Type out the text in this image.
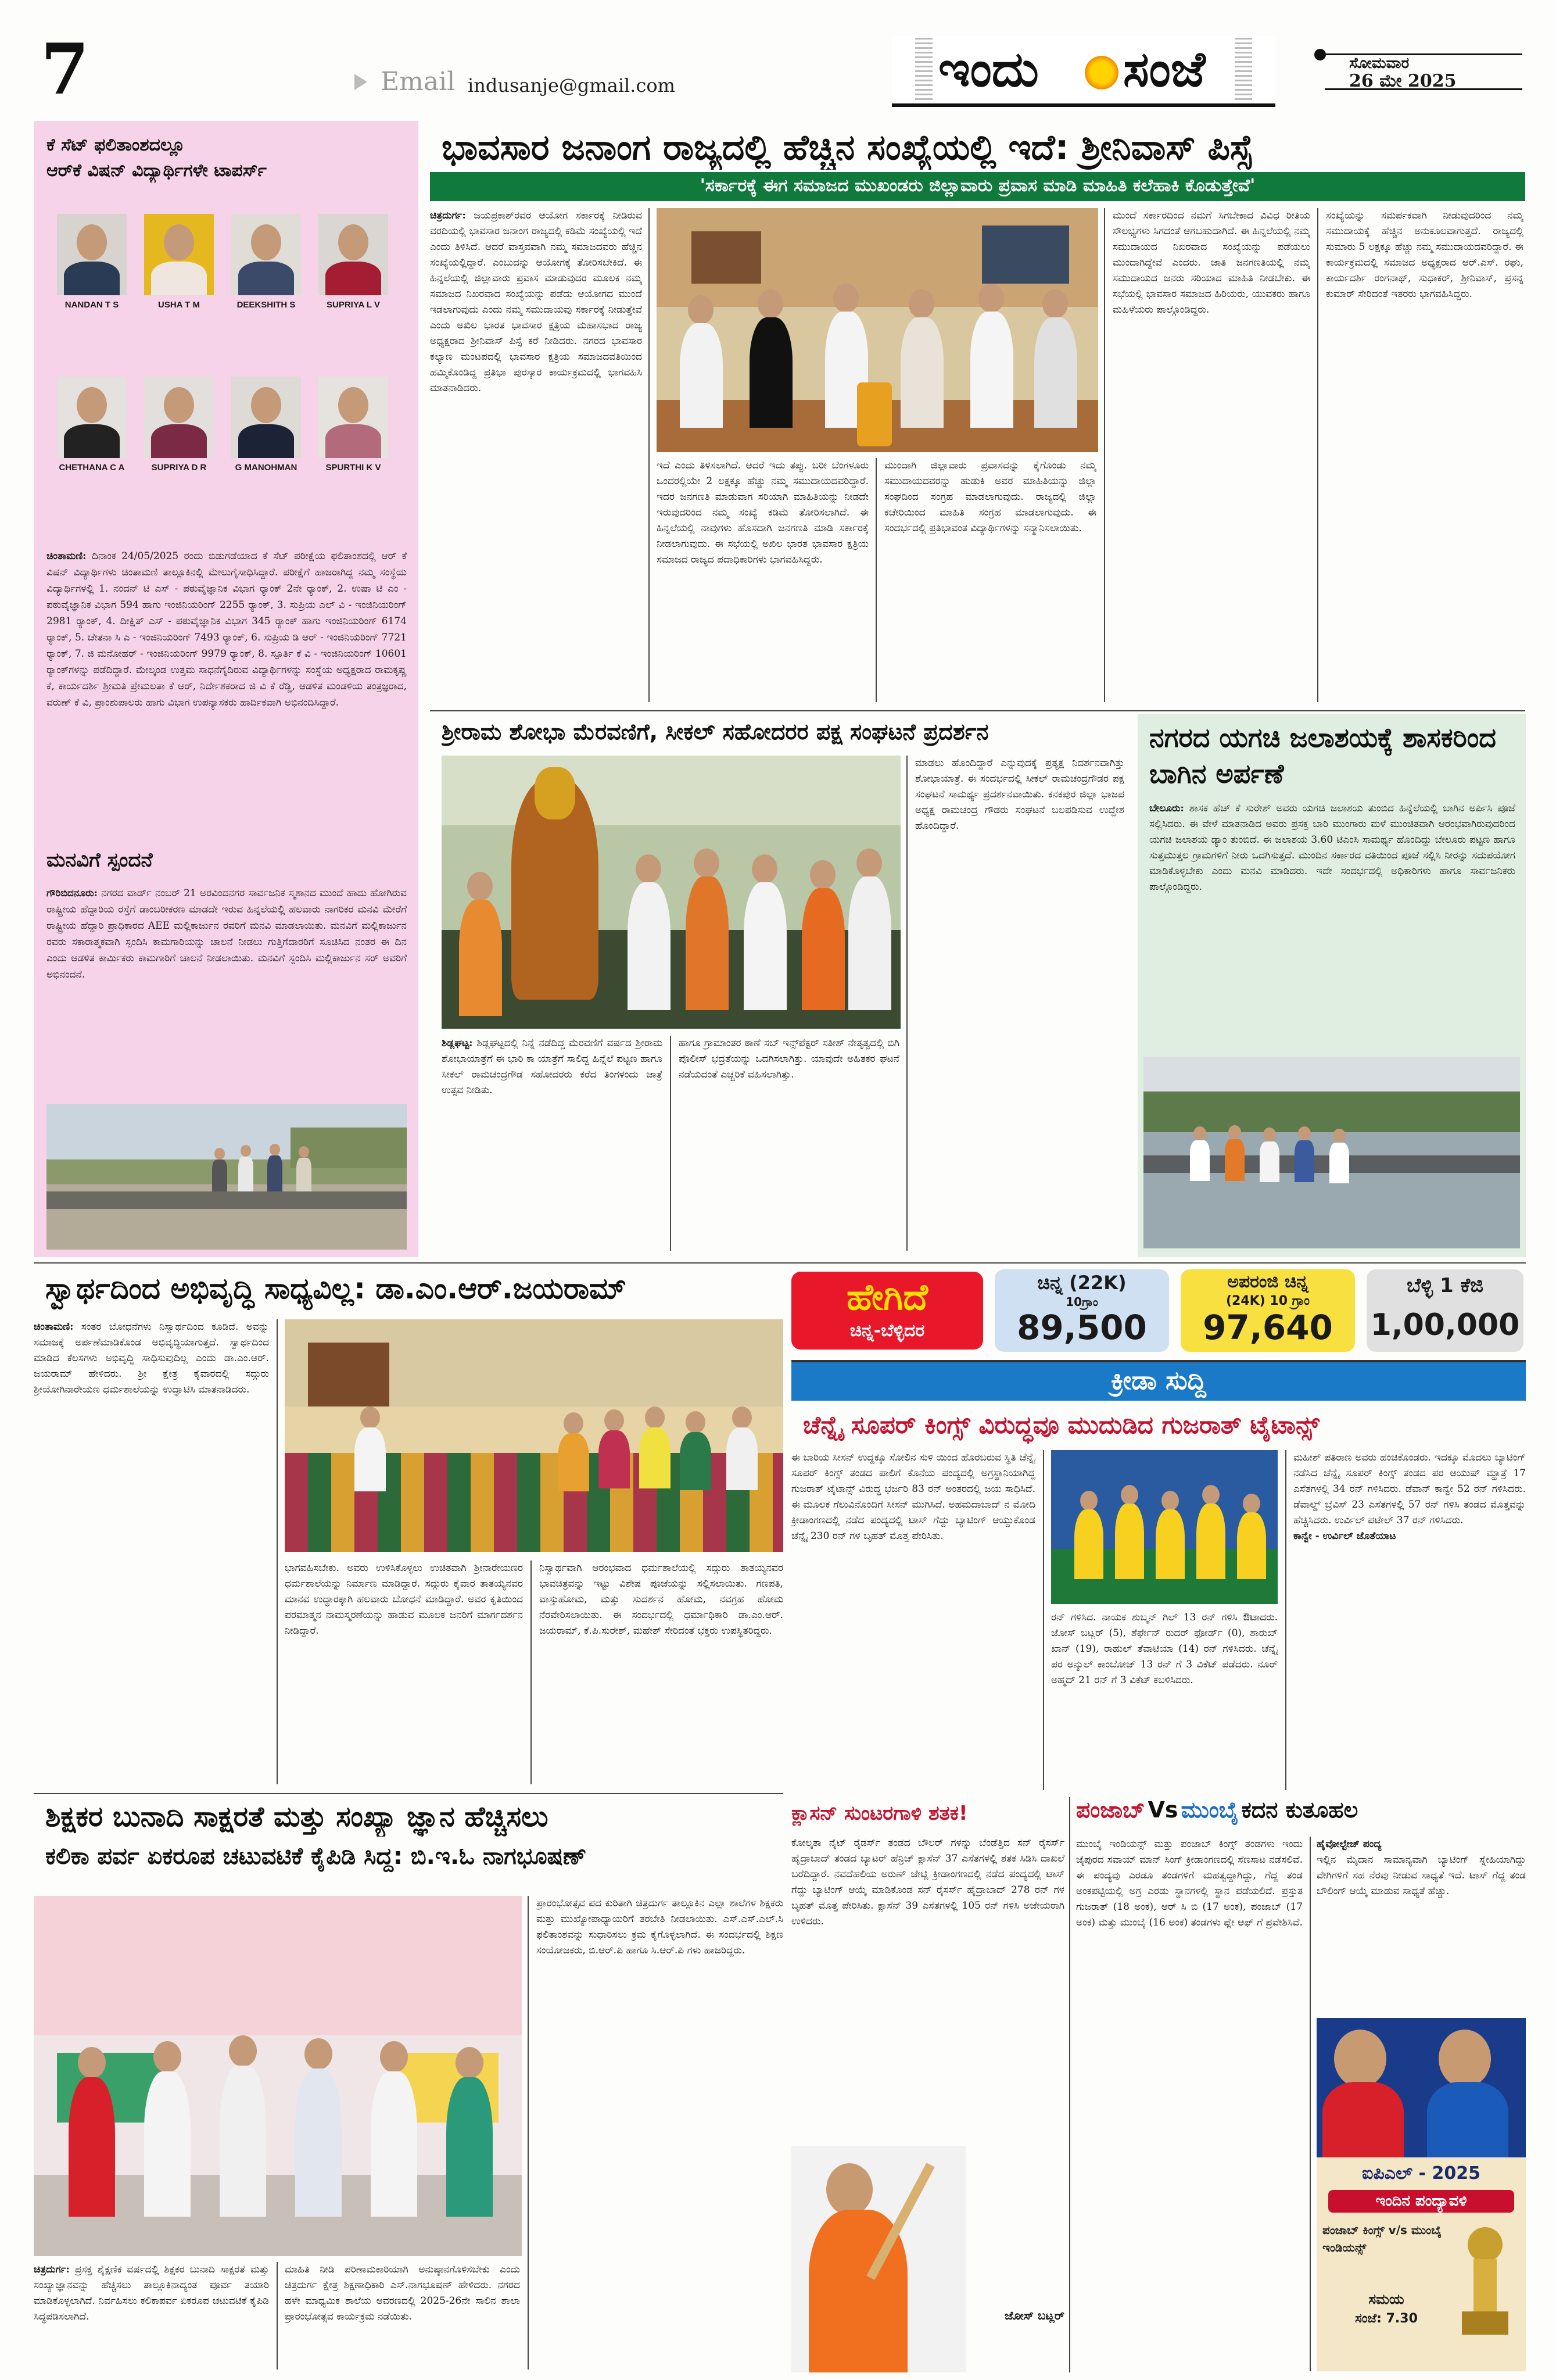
7	Email indusanje@gmail.com	ಇಂದು ಸಂಜೆ	ಸೋಮವಾರ
26 ಮೇ 2025
ಕೆ ಸೆಟ್ ಫಲಿತಾಂಶದಲ್ಲೂ
ಆರ್‌ಕೆ ವಿಷನ್ ವಿದ್ಯಾರ್ಥಿಗಳೇ ಟಾಪರ್ಸ್
NANDAN T S	USHA T M	DEEKSHITH S	SUPRIYA L V
CHETHANA C A	SUPRIYA D R	G MANOHMAN	SPURTHI K V
ಚಿಂತಾಮಣಿ: ದಿನಾಂಕ 24/05/2025 ರಂದು ಬಿಡುಗಡೆಯಾದ ಕೆ ಸೆಟ್ ಪರೀಕ್ಷೆಯ ಫಲಿತಾಂಶದಲ್ಲಿ ಆರ್ ಕೆ ವಿಷನ್ ವಿದ್ಯಾರ್ಥಿಗಳು ಚಿಂತಾಮಣಿ ತಾಲ್ಲೂಕಿನಲ್ಲಿ ಮೇಲುಗೈಸಾಧಿಸಿದ್ದಾರೆ. ಪರೀಕ್ಷೆಗೆ ಹಾಜರಾಗಿದ್ದ ನಮ್ಮ ಸಂಸ್ಥೆಯ ವಿದ್ಯಾರ್ಥಿಗಳಲ್ಲಿ 1. ನಂದನ್ ಟಿ ಎಸ್ - ಪಠುವೈಜ್ಞಾನಿಕ ವಿಭಾಗ ರ‍್ಯಾಂಕ್ 2ನೇ ರ‍್ಯಾಂಕ್, 2. ಉಷಾ ಟಿ ಎಂ - ಪಠುವೈಜ್ಞಾನಿಕ ವಿಭಾಗ 594 ಹಾಗು ಇಂಜಿನಿಯರಿಂಗ್ 2255 ರ‍್ಯಾಂಕ್, 3. ಸುಪ್ರಿಯ ಎಲ್ ವಿ - ಇಂಜಿನಿಯರಿಂಗ್ 2981 ರ‍್ಯಾಂಕ್, 4. ದೀಕ್ಷಿತ್ ಎಸ್ - ಪಠುವೈಜ್ಞಾನಿಕ ವಿಭಾಗ 345 ರ‍್ಯಾಂಕ್ ಹಾಗು ಇಂಜಿನಿಯರಿಂಗ್ 6174 ರ‍್ಯಾಂಕ್, 5. ಚೇತನಾ ಸಿ ಎ - ಇಂಜಿನಿಯರಿಂಗ್ 7493 ರ‍್ಯಾಂಕ್, 6. ಸುಪ್ರಿಯ ಡಿ ಆರ್ - ಇಂಜಿನಿಯರಿಂಗ್ 7721 ರ‍್ಯಾಂಕ್, 7. ಜಿ ಮನೋಹರ್ - ಇಂಜಿನಿಯರಿಂಗ್ 9979 ರ‍್ಯಾಂಕ್, 8. ಸ್ಫೂರ್ತಿ ಕೆ ವಿ - ಇಂಜಿನಿಯರಿಂಗ್ 10601 ರ‍್ಯಾಂಕ್‌ಗಳನ್ನು ಪಡೆದಿದ್ದಾರೆ. ಮೇಲ್ಕಂಡ ಉತ್ತಮ ಸಾಧನೆಗೈದಿರುವ ವಿದ್ಯಾರ್ಥಿಗಳನ್ನು ಸಂಸ್ಥೆಯ ಅಧ್ಯಕ್ಷರಾದ ರಾಮಕೃಷ್ಣ ಕೆ, ಕಾರ್ಯದರ್ಶಿ ಶ್ರೀಮತಿ ಪ್ರೇಮಲತಾ ಕೆ ಆರ್, ನಿರ್ದೇಶಕರಾದ ಜಿ ವಿ ಕೆ ರೆಡ್ಡಿ, ಆಡಳಿತ ಮಂಡಳಿಯ ತಂತ್ರಜ್ಞರಾದ, ವರುಣ್ ಕೆ ವಿ, ಪ್ರಾಂಶುಪಾಲರು ಹಾಗು ವಿಭಾಗ ಉಪನ್ಯಾಸಕರು ಹಾರ್ದಿಕವಾಗಿ ಅಭಿನಂದಿಸಿದ್ದಾರೆ.
ಮನವಿಗೆ ಸ್ಪಂದನೆ
ಗೌರಿಬಿದನೂರು: ನಗರದ ವಾರ್ಡ್ ನಂಬರ್ 21 ಅರವಿಂದನಗರ ಸಾರ್ವಜನಿಕ ಸ್ಮಶಾನದ ಮುಂದೆ ಹಾದು ಹೋಗಿರುವ ರಾಷ್ಟ್ರೀಯ ಹೆದ್ದಾರಿಯ ರಸ್ತೆಗೆ ಡಾಂಬರೀಕರಣ ಮಾಡದೇ ಇರುವ ಹಿನ್ನಲೆಯಲ್ಲಿ ಹಲವಾರು ನಾಗರಿಕರ ಮನವಿ ಮೇರೆಗೆ ರಾಷ್ಟ್ರೀಯ ಹೆದ್ದಾರಿ ಪ್ರಾಧಿಕಾರದ AEE ಮಲ್ಲಿಕಾರ್ಜುನ ರವರಿಗೆ ಮನವಿ ಮಾಡಲಾಯಿತು. ಮನವಿಗೆ ಮಲ್ಲಿಕಾರ್ಜುನ ರವರು ಸಕಾರಾತ್ಮಕವಾಗಿ ಸ್ಪಂದಿಸಿ ಕಾಮಗಾರಿಯನ್ನು ಚಾಲನೆ ನೀಡಲು ಗುತ್ತಿಗೆದಾರರಿಗೆ ಸೂಚಿಸಿದ ನಂತರ ಈ ದಿನ ಎಂದು ಆಡಳಿತ ಕಾರ್ಮಿಕರು ಕಾಮಗಾರಿಗೆ ಚಾಲನೆ ನೀಡಲಾಯಿತು. ಮನವಿಗೆ ಸ್ಪಂದಿಸಿ ಮಲ್ಲಿಕಾರ್ಜುನ ಸರ್ ಅವರಿಗೆ ಅಭಿನಂದನೆ.
ಭಾವಸಾರ ಜನಾಂಗ ರಾಜ್ಯದಲ್ಲಿ ಹೆಚ್ಚಿನ ಸಂಖ್ಯೆಯಲ್ಲಿ ಇದೆ: ಶ್ರೀನಿವಾಸ್ ಪಿಸ್ಸೆ
'ಸರ್ಕಾರಕ್ಕೆ ಈಗ ಸಮಾಜದ ಮುಖಂಡರು ಜಿಲ್ಲಾವಾರು ಪ್ರವಾಸ ಮಾಡಿ ಮಾಹಿತಿ ಕಲೆಹಾಕಿ ಕೊಡುತ್ತೇವೆ'
ಚಿತ್ರದುರ್ಗ: ಜಯಪ್ರಕಾಶ್‌ರವರ ಆಯೋಗ ಸರ್ಕಾರಕ್ಕೆ ನೀಡಿರುವ ವರದಿಯಲ್ಲಿ ಭಾವಸಾರ ಜನಾಂಗ ರಾಜ್ಯದಲ್ಲಿ ಕಡಿಮೆ ಸಂಖ್ಯೆಯಲ್ಲಿ ಇದೆ ಎಂದು ತಿಳಿಸಿದೆ. ಆದರೆ ವಾಸ್ತವವಾಗಿ ನಮ್ಮ ಸಮಾಜದವರು ಹೆಚ್ಚಿನ ಸಂಖ್ಯೆಯಲ್ಲಿದ್ದಾರೆ. ಎಂಬುದನ್ನು ಆಯೋಗಕ್ಕೆ ತೋರಿಸಬೇಕಿದೆ. ಈ ಹಿನ್ನಲೆಯಲ್ಲಿ ಜಿಲ್ಲಾವಾರು ಪ್ರವಾಸ ಮಾಡುವುದರ ಮೂಲಕ ನಮ್ಮ ಸಮಾಜದ ನಿಖರವಾದ ಸಂಖ್ಯೆಯನ್ನು ಪಡೆದು ಆಯೋಗದ ಮುಂದೆ ಇಡಲಾಗುವುದು ಎಂದು ನಮ್ಮ ಸಮುದಾಯವು ಸರ್ಕಾರಕ್ಕೆ ನೀಡುತ್ತೇವೆ ಎಂದು ಅಖಿಲ ಭಾರತ ಭಾವಸಾರ ಕ್ಷತ್ರಿಯ ಮಹಾಸಭಾದ ರಾಜ್ಯ ಅಧ್ಯಕ್ಷರಾದ ಶ್ರೀನಿವಾಸ್ ಪಿಸ್ಸೆ ಕರೆ ನೀಡಿದರು. ನಗರದ ಭಾವಸಾರ ಕಲ್ಯಾಣ ಮಂಟಪದಲ್ಲಿ ಭಾವಸಾರ ಕ್ಷತ್ರಿಯ ಸಮಾಜದವತಿಯಿಂದ ಹಮ್ಮಿಕೊಂಡಿದ್ದ ಪ್ರತಿಭಾ ಪುರಸ್ಕಾರ ಕಾರ್ಯಕ್ರಮದಲ್ಲಿ ಭಾಗವಹಿಸಿ ಮಾತನಾಡಿದರು.
ಇದೆ ಎಂದು ತಿಳಿಸಲಾಗಿದೆ. ಆದರೆ ಇದು ತಪ್ಪು. ಬರೀ ಬೆಂಗಳೂರು ಒಂದರಲ್ಲಿಯೇ 2 ಲಕ್ಷಕ್ಕೂ ಹೆಚ್ಚು ನಮ್ಮ ಸಮುದಾಯದವರಿದ್ದಾರೆ. ಇದರ ಜನಗಣತಿ ಮಾಡುವಾಗ ಸರಿಯಾಗಿ ಮಾಹಿತಿಯನ್ನು ನೀಡದೇ ಇರುವುದರಿಂದ ನಮ್ಮ ಸಂಖ್ಯೆ ಕಡಿಮೆ ತೋರಿಸಲಾಗಿದೆ. ಈ ಹಿನ್ನಲೆಯಲ್ಲಿ ನಾವುಗಳು ಹೊಸದಾಗಿ ಜನಗಣತಿ ಮಾಡಿ ಸರ್ಕಾರಕ್ಕೆ ನೀಡಲಾಗುವುದು. ಈ ಸಭೆಯಲ್ಲಿ ಅಖಿಲ ಭಾರತ ಭಾವಸಾರ ಕ್ಷತ್ರಿಯ ಸಮಾಜದ ರಾಜ್ಯದ ಪದಾಧಿಕಾರಿಗಳು ಭಾಗವಹಿಸಿದ್ದರು.
ಮುಂದಾಗಿ ಜಿಲ್ಲಾವಾರು ಪ್ರವಾಸವನ್ನು ಕೈಗೊಂಡು ನಮ್ಮ ಸಮುದಾಯದವರನ್ನು ಹುಡುಕಿ ಅವರ ಮಾಹಿತಿಯನ್ನು ಜಿಲ್ಲಾ ಸಂಘದಿಂದ ಸಂಗ್ರಹ ಮಾಡಲಾಗುವುದು. ರಾಜ್ಯದಲ್ಲಿ ಜಿಲ್ಲಾ ಕಚೇರಿಯಿಂದ ಮಾಹಿತಿ ಸಂಗ್ರಹ ಮಾಡಲಾಗುವುದು. ಈ ಸಂದರ್ಭದಲ್ಲಿ ಪ್ರತಿಭಾವಂತ ವಿದ್ಯಾರ್ಥಿಗಳನ್ನು ಸನ್ಮಾನಿಸಲಾಯಿತು.
ಮುಂದೆ ಸರ್ಕಾರದಿಂದ ನಮಗೆ ಸಿಗಬೇಕಾದ ವಿವಿಧ ರೀತಿಯ ಸೌಲಭ್ಯಗಳು ಸಿಗದಂತೆ ಆಗಬಹುದಾಗಿದೆ. ಈ ಹಿನ್ನಲೆಯಲ್ಲಿ ನಮ್ಮ ಸಮುದಾಯದ ನಿಖರವಾದ ಸಂಖ್ಯೆಯನ್ನು ಪಡೆಯಲು ಮುಂದಾಗಿದ್ದೇವೆ ಎಂದರು. ಜಾತಿ ಜನಗಣತಿಯಲ್ಲಿ ನಮ್ಮ ಸಮುದಾಯದ ಜನರು ಸರಿಯಾದ ಮಾಹಿತಿ ನೀಡಬೇಕು. ಈ ಸಭೆಯಲ್ಲಿ ಭಾವಸಾರ ಸಮಾಜದ ಹಿರಿಯರು, ಯುವಕರು ಹಾಗೂ ಮಹಿಳೆಯರು ಪಾಲ್ಗೊಂಡಿದ್ದರು.
ಸಂಖ್ಯೆಯನ್ನು ಸಮರ್ಪಕವಾಗಿ ನೀಡುವುದರಿಂದ ನಮ್ಮ ಸಮುದಾಯಕ್ಕೆ ಹೆಚ್ಚಿನ ಅನುಕೂಲವಾಗುತ್ತದೆ. ರಾಜ್ಯದಲ್ಲಿ ಸುಮಾರು 5 ಲಕ್ಷಕ್ಕೂ ಹೆಚ್ಚು ನಮ್ಮ ಸಮುದಾಯದವರಿದ್ದಾರೆ. ಈ ಕಾರ್ಯಕ್ರಮದಲ್ಲಿ ಸಮಾಜದ ಅಧ್ಯಕ್ಷರಾದ ಆರ್.ಎಸ್. ರಘು, ಕಾರ್ಯದರ್ಶಿ ರಂಗನಾಥ್, ಸುಧಾಕರ್, ಶ್ರೀನಿವಾಸ್, ಪ್ರಸನ್ನ ಕುಮಾರ್ ಸೇರಿದಂತೆ ಇತರರು ಭಾಗವಹಿಸಿದ್ದರು.
ಶ್ರೀರಾಮ ಶೋಭಾ ಮೆರವಣಿಗೆ, ಸೀಕಲ್ ಸಹೋದರರ ಪಕ್ಷ ಸಂಘಟನೆ ಪ್ರದರ್ಶನ
ಶಿಡ್ಲಘಟ್ಟ: ಶಿಡ್ಲಘಟ್ಟದಲ್ಲಿ ನಿನ್ನೆ ನಡೆದಿದ್ದ ಮೆರವಣಿಗೆ ವರ್ಷದ ಶ್ರೀರಾಮ ಶೋಭಾಯಾತ್ರೆಗೆ ಈ ಭಾರಿ ಕಾ ಯಾತ್ರೆಗೆ ಸಾಲಿದ್ದ ಹಿನ್ನೆಲೆ ಪಟ್ಟಣ ಹಾಗೂ ಸೀಕಲ್ ರಾಮಚಂದ್ರಗೌಡ ಸಹೋದರರು ಕರೆದ ತಿಂಗಳಂದು ಜಾತ್ರೆ ಉತ್ಸವ ನೀಡಿತು.
ಹಾಗೂ ಗ್ರಾಮಾಂತರ ಠಾಣೆ ಸಬ್ ಇನ್ಸ್‌ಪೆಕ್ಟರ್ ಸತೀಶ್ ನೇತೃತ್ವದಲ್ಲಿ ಬಿಗಿ ಪೊಲೀಸ್ ಭದ್ರತೆಯನ್ನು ಒದಗಿಸಲಾಗಿತ್ತು. ಯಾವುದೇ ಅಹಿತಕರ ಘಟನೆ ನಡೆಯದಂತೆ ಎಚ್ಚರಿಕೆ ವಹಿಸಲಾಗಿತ್ತು.
ಮಾಡಲು ಹೊಂದಿದ್ದಾರೆ ಎನ್ನುವುದಕ್ಕೆ ಪ್ರತ್ಯಕ್ಷ ನಿದರ್ಶನವಾಗಿತ್ತು ಶೋಭಾಯಾತ್ರೆ. ಈ ಸಂದರ್ಭದಲ್ಲಿ ಸೀಕಲ್ ರಾಮಚಂದ್ರಗೌಡರ ಪಕ್ಷ ಸಂಘಟನೆ ಸಾಮರ್ಥ್ಯ ಪ್ರದರ್ಶನವಾಯಿತು. ಕನಕಪುರ ಜಿಲ್ಲಾ ಭಾಜಪ ಅಧ್ಯಕ್ಷ ರಾಮಚಂದ್ರ ಗೌಡರು ಸಂಘಟನೆ ಬಲಪಡಿಸುವ ಉದ್ದೇಶ ಹೊಂದಿದ್ದಾರೆ.
ನಗರದ ಯಗಚಿ ಜಲಾಶಯಕ್ಕೆ ಶಾಸಕರಿಂದ ಬಾಗಿನ ಅರ್ಪಣೆ
ಬೇಲೂರು: ಶಾಸಕ ಹೆಚ್ ಕೆ ಸುರೇಶ್ ಅವರು ಯಗಚಿ ಜಲಾಶಯ ತುಂಬಿದ ಹಿನ್ನೆಲೆಯಲ್ಲಿ ಬಾಗಿನ ಅರ್ಪಿಸಿ ಪೂಜೆ ಸಲ್ಲಿಸಿದರು. ಈ ವೇಳೆ ಮಾತನಾಡಿದ ಅವರು ಪ್ರಸಕ್ತ ಬಾರಿ ಮುಂಗಾರು ಮಳೆ ಮುಂಚಿತವಾಗಿ ಆರಂಭವಾಗಿರುವುದರಿಂದ ಯಗಚಿ ಜಲಾಶಯ ಡ್ಯಾಂ ತುಂಬಿದೆ. ಈ ಜಲಾಶಯ 3.60 ಟಿಎಂಸಿ ಸಾಮರ್ಥ್ಯ ಹೊಂದಿದ್ದು ಬೇಲೂರು ಪಟ್ಟಣ ಹಾಗೂ ಸುತ್ತಮುತ್ತಲ ಗ್ರಾಮಗಳಿಗೆ ನೀರು ಒದಗಿಸುತ್ತದೆ. ಮುಂದಿನ ಸರ್ಕಾರದ ವತಿಯಿಂದ ಪೂಜೆ ಸಲ್ಲಿಸಿ ನೀರನ್ನು ಸದುಪಯೋಗ ಮಾಡಿಕೊಳ್ಳಬೇಕು ಎಂದು ಮನವಿ ಮಾಡಿದರು. ಇದೇ ಸಂದರ್ಭದಲ್ಲಿ ಅಧಿಕಾರಿಗಳು ಹಾಗೂ ಸಾರ್ವಜನಿಕರು ಪಾಲ್ಗೊಂಡಿದ್ದರು.
ಸ್ವಾರ್ಥದಿಂದ ಅಭಿವೃದ್ಧಿ ಸಾಧ್ಯವಿಲ್ಲ: ಡಾ.ಎಂ.ಆರ್.ಜಯರಾಮ್
ಚಿಂತಾಮಣಿ: ಸಂತರ ಬೋಧನೆಗಳು ನಿಸ್ವಾರ್ಥದಿಂದ ಕೂಡಿದೆ. ಅವನ್ನು ಸಮಾಜಕ್ಕೆ ಅರ್ಪಣೆಮಾಡಿಕೊಂಡ ಅಭಿವೃದ್ಧಿಯಾಗುತ್ತದೆ. ಸ್ವಾರ್ಥದಿಂದ ಮಾಡಿದ ಕೆಲಸಗಳು ಅಭಿವೃದ್ಧಿ ಸಾಧಿಸುವುದಿಲ್ಲ ಎಂದು ಡಾ.ಎಂ.ಆರ್. ಜಯರಾಮ್ ಹೇಳಿದರು. ಶ್ರೀ ಕ್ಷೇತ್ರ ಕೈವಾರದಲ್ಲಿ ಸದ್ಗುರು ಶ್ರೀಯೋಗಿನಾರೇಯಣ ಧರ್ಮಶಾಲೆಯನ್ನು ಉದ್ಘಾಟಿಸಿ ಮಾತನಾಡಿದರು.
ಭಾಗವಹಿಸಬೇಕು. ಅವರು ಉಳಿಸಿಕೊಳ್ಳಲು ಉಚಿತವಾಗಿ ಶ್ರೀನಾರೇಯಣರ ಧರ್ಮಶಾಲೆಯನ್ನು ನಿರ್ಮಾಣ ಮಾಡಿದ್ದಾರೆ. ಸದ್ಗುರು ಕೈವಾರ ತಾತಯ್ಯನವರ ಮಾನವ ಉದ್ಧಾರಕ್ಕಾಗಿ ಹಲವಾರು ಬೋಧನೆ ಮಾಡಿದ್ದಾರೆ. ಅವರ ಕೃತಿಯಿಂದ ಪರಮಾತ್ಮನ ನಾಮಸ್ಮರಣೆಯನ್ನು ಹಾಡುವ ಮೂಲಕ ಜನರಿಗೆ ಮಾರ್ಗದರ್ಶನ ನೀಡಿದ್ದಾರೆ.
ನಿಸ್ವಾರ್ಥವಾಗಿ ಆರಂಭವಾದ ಧರ್ಮಶಾಲೆಯಲ್ಲಿ ಸದ್ಗುರು ತಾತಯ್ಯನವರ ಭಾವಚಿತ್ರವನ್ನು ಇಟ್ಟು ವಿಶೇಷ ಪೂಜೆಯನ್ನು ಸಲ್ಲಿಸಲಾಯಿತು. ಗಣಪತಿ, ವಾಸ್ತುಹೋಮ, ಮತ್ತು ಸುದರ್ಶನ ಹೋಮ, ನವಗ್ರಹ ಹೋಮ ನೆರವೇರಿಸಲಾಯಿತು. ಈ ಸಂದರ್ಭದಲ್ಲಿ ಧರ್ಮಾಧಿಕಾರಿ ಡಾ.ಎಂ.ಆರ್. ಜಯರಾಮ್, ಕೆ.ಪಿ.ಸುರೇಶ್, ಮಹೇಶ್ ಸೇರಿದಂತೆ ಭಕ್ತರು ಉಪಸ್ಥಿತರಿದ್ದರು.
ಹೇಗಿದೆ
ಚಿನ್ನ-ಬೆಳ್ಳಿದರ
ಚಿನ್ನ (22K)
10ಗ್ರಾಂ
89,500
ಅಪರಂಜಿ ಚಿನ್ನ
(24K) 10 ಗ್ರಾಂ
97,640
ಬೆಳ್ಳಿ 1 ಕೆಜಿ
1,00,000
ಕ್ರೀಡಾ ಸುದ್ದಿ
ಚೆನ್ನೈ ಸೂಪರ್ ಕಿಂಗ್ಸ್ ವಿರುದ್ಧವೂ ಮುದುಡಿದ ಗುಜರಾತ್ ಟೈಟಾನ್ಸ್
ಈ ಬಾರಿಯ ಸೀಸನ್ ಉದ್ದಕ್ಕೂ ಸೋಲಿನ ಸುಳಿ ಯಿಂದ ಹೊರಬರುವ ಸ್ಥಿತಿ ಚೆನ್ನೈ ಸೂಪರ್ ಕಿಂಗ್ಸ್ ತಂಡದ ಪಾಲಿಗೆ ಕೊನೆಯ ಪಂದ್ಯದಲ್ಲಿ ಅಗ್ರಸ್ಥಾನಿಯಾಗಿದ್ದ ಗುಜರಾತ್ ಟೈಟಾನ್ಸ್ ವಿರುದ್ಧ ಭರ್ಜರಿ 83 ರನ್ ಅಂತರದಲ್ಲಿ ಜಯ ಸಾಧಿಸಿದೆ. ಈ ಮೂಲಕ ಗೆಲುವಿನೊಂದಿಗೆ ಸೀಸನ್ ಮುಗಿಸಿದೆ. ಅಹಮದಾಬಾದ್ ನ ಮೋದಿ ಕ್ರೀಡಾಂಗಣದಲ್ಲಿ ನಡೆದ ಪಂದ್ಯದಲ್ಲಿ ಟಾಸ್ ಗೆದ್ದು ಬ್ಯಾಟಿಂಗ್ ಆಯ್ದುಕೊಂಡ ಚೆನ್ನೈ 230 ರನ್ ಗಳ ಬೃಹತ್ ಮೊತ್ತ ಪೇರಿಸಿತು.
ರನ್ ಗಳಿಸಿದ. ನಾಯಕ ಶುಬ್ಮನ್ ಗಿಲ್ 13 ರನ್ ಗಳಿಸಿ ಔಟಾದರು. ಜೋಸ್ ಬಟ್ಲರ್ (5), ಶೆರ್ಫೇನ್ ರುದರ್ ಫೋರ್ಡ್ (0), ಶಾರುಖ್ ಖಾನ್ (19), ರಾಹುಲ್ ತೆವಾಟಿಯಾ (14) ರನ್ ಗಳಿಸಿದರು. ಚೆನ್ನೈ ಪರ ಅನ್ಶುಲ್ ಕಾಂಬೋಜ್ 13 ರನ್ ಗೆ 3 ವಿಕೆಟ್ ಪಡೆದರು. ನೂರ್ ಅಹ್ಮದ್ 21 ರನ್ ಗೆ 3 ವಿಕೆಟ್ ಕಬಳಿಸಿದರು.
ಮಹೀಶ್ ಪತಿರಾಣ ಅವರು ಹಂಚಿಕೊಂಡರು. ಇದಕ್ಕೂ ಮೊದಲು ಬ್ಯಾಟಿಂಗ್ ನಡೆಸಿದ ಚೆನ್ನೈ ಸೂಪರ್ ಕಿಂಗ್ಸ್ ತಂಡದ ಪರ ಆಯುಷ್ ಮ್ಹಾತ್ರೆ 17 ಎಸೆತಗಳಲ್ಲಿ 34 ರನ್ ಗಳಿಸಿದರು. ಡೆವಾನ್ ಕಾನ್ವೇ 52 ರನ್ ಗಳಿಸಿದರು. ಡೆವಾಲ್ಡ್ ಬ್ರೆವಿಸ್ 23 ಎಸೆತಗಳಲ್ಲಿ 57 ರನ್ ಗಳಿಸಿ ತಂಡದ ಮೊತ್ತವನ್ನು ಹೆಚ್ಚಿಸಿದರು. ಉರ್ವಿಲ್ ಪಟೇಲ್ 37 ರನ್ ಗಳಿಸಿದರು.
ಕಾನ್ವೇ - ಉರ್ವಿಲ್ ಜೊತೆಯಾಟ
ಶಿಕ್ಷಕರ ಬುನಾದಿ ಸಾಕ್ಷರತೆ ಮತ್ತು ಸಂಖ್ಯಾ ಜ್ಞಾನ ಹೆಚ್ಚಿಸಲು
ಕಲಿಕಾ ಪರ್ವ ಏಕರೂಪ ಚಟುವಟಿಕೆ ಕೈಪಿಡಿ ಸಿದ್ದ: ಬಿ.ಇ.ಓ ನಾಗಭೂಷಣ್
ಚಿತ್ರದುರ್ಗ: ಪ್ರಸಕ್ತ ಶೈಕ್ಷಣಿಕ ವರ್ಷದಲ್ಲಿ ಶಿಕ್ಷಕರ ಬುನಾದಿ ಸಾಕ್ಷರತೆ ಮತ್ತು ಸಂಖ್ಯಾಜ್ಞಾನವನ್ನು ಹೆಚ್ಚಿಸಲು ತಾಲ್ಲೂಕಿನಾದ್ಯಂತ ಪೂರ್ವ ತಯಾರಿ ಮಾಡಿಕೊಳ್ಳಲಾಗಿದೆ. ನಿರ್ವಹಿಸಲು ಕಲಿಕಾಪರ್ವ ಏಕರೂಪ ಚಟುವಟಿಕೆ ಕೈಪಿಡಿ ಸಿದ್ಧಪಡಿಸಲಾಗಿದೆ.
ಮಾಹಿತಿ ನೀಡಿ ಪರಿಣಾಮಕಾರಿಯಾಗಿ ಅನುಷ್ಠಾನಗೊಳಿಸಬೇಕು ಎಂದು ಚಿತ್ರದುರ್ಗ ಕ್ಷೇತ್ರ ಶಿಕ್ಷಣಾಧಿಕಾರಿ ಎಸ್.ನಾಗಭೂಷಣ್ ಹೇಳಿದರು. ನಗರದ ಹಳೇ ಮಾಧ್ಯಮಿಕ ಶಾಲೆಯ ಆವರಣದಲ್ಲಿ 2025-26ನೇ ಸಾಲಿನ ಶಾಲಾ ಪ್ರಾರಂಭೋತ್ಸವ ಕಾರ್ಯಕ್ರಮ ನಡೆಯಿತು.
ಪ್ರಾರಂಭೋತ್ಸವ ಪದ ಕುರಿತಾಗಿ ಚಿತ್ರದುರ್ಗ ತಾಲ್ಲೂಕಿನ ಎಲ್ಲಾ ಶಾಲೆಗಳ ಶಿಕ್ಷಕರು ಮತ್ತು ಮುಖ್ಯೋಪಾಧ್ಯಾಯರಿಗೆ ತರಬೇತಿ ನೀಡಲಾಯಿತು. ಎಸ್.ಎಸ್.ಎಲ್.ಸಿ ಫಲಿತಾಂಶವನ್ನು ಸುಧಾರಿಸಲು ಕ್ರಮ ಕೈಗೊಳ್ಳಲಾಗಿದೆ. ಈ ಸಂದರ್ಭದಲ್ಲಿ ಶಿಕ್ಷಣ ಸಂಯೋಜಕರು, ಬಿ.ಆರ್.ಪಿ ಹಾಗೂ ಸಿ.ಆರ್.ಪಿ ಗಳು ಹಾಜರಿದ್ದರು.
ಕ್ಲಾಸನ್ ಸುಂಟರಗಾಳಿ ಶತಕ!
ಕೋಲ್ಕತಾ ನೈಟ್ ರೈಡರ್ಸ್ ತಂಡದ ಬೌಲರ್ ಗಳನ್ನು ಬೆಂಡೆತ್ತಿದ ಸನ್ ರೈಸರ್ಸ್ ಹೈದ್ರಾಬಾದ್ ತಂಡದ ಬ್ಯಾಟರ್ ಹೆನ್ರಿಚ್ ಕ್ಲಾಸೆನ್ 37 ಎಸೆತಗಳಲ್ಲಿ ಶತಕ ಸಿಡಿಸಿ ದಾಖಲೆ ಬರೆದಿದ್ದಾರೆ. ನವದೆಹಲಿಯ ಅರುಣ್ ಜೇಟ್ಲಿ ಕ್ರೀಡಾಂಗಣದಲ್ಲಿ ನಡೆದ ಪಂದ್ಯದಲ್ಲಿ ಟಾಸ್ ಗೆದ್ದು ಬ್ಯಾಟಿಂಗ್ ಆಯ್ಕೆ ಮಾಡಿಕೊಂಡ ಸನ್ ರೈಸರ್ಸ್ ಹೈದ್ರಾಬಾದ್ 278 ರನ್ ಗಳ ಬೃಹತ್ ಮೊತ್ತ ಪೇರಿಸಿತು. ಕ್ಲಾಸೆನ್ 39 ಎಸೆತಗಳಲ್ಲಿ 105 ರನ್ ಗಳಿಸಿ ಅಜೇಯರಾಗಿ ಉಳಿದರು.
ಜೋಸ್ ಬಟ್ಲರ್
ಪಂಜಾಬ್ Vs ಮುಂಬೈ ಕದನ ಕುತೂಹಲ
ಮುಂಬೈ ಇಂಡಿಯನ್ಸ್ ಮತ್ತು ಪಂಜಾಬ್ ಕಿಂಗ್ಸ್ ತಂಡಗಳು ಇಂದು ಜೈಪುರದ ಸವಾಯ್ ಮಾನ್ ಸಿಂಗ್ ಕ್ರೀಡಾಂಗಣದಲ್ಲಿ ಸೆಣಸಾಟ ನಡೆಸಲಿವೆ. ಈ ಪಂದ್ಯವು ಎರಡೂ ತಂಡಗಳಿಗೆ ಮಹತ್ವದ್ದಾಗಿದ್ದು, ಗೆದ್ದ ತಂಡ ಅಂಕಪಟ್ಟಿಯಲ್ಲಿ ಅಗ್ರ ಎರಡು ಸ್ಥಾನಗಳಲ್ಲಿ ಸ್ಥಾನ ಪಡೆಯಲಿದೆ. ಪ್ರಸ್ತುತ ಗುಜರಾತ್ (18 ಅಂಕ), ಆರ್ ಸಿ ಬಿ (17 ಅಂಕ), ಪಂಜಾಬ್ (17 ಅಂಕ) ಮತ್ತು ಮುಂಬೈ (16 ಅಂಕ) ತಂಡಗಳು ಪ್ಲೇ ಆಫ್ ಗೆ ಪ್ರವೇಶಿಸಿವೆ.
ಹೈವೋಲ್ಟೇಜ್ ಪಂದ್ಯ
ಇಲ್ಲಿನ ಮೈದಾನ ಸಾಮಾನ್ಯವಾಗಿ ಬ್ಯಾಟಿಂಗ್ ಸ್ನೇಹಿಯಾಗಿದ್ದು ವೇಗಿಗಳಿಗೆ ಸಹ ನೆರವು ನೀಡುವ ಸಾಧ್ಯತೆ ಇದೆ. ಟಾಸ್ ಗೆದ್ದ ತಂಡ ಬೌಲಿಂಗ್ ಆಯ್ಕೆ ಮಾಡುವ ಸಾಧ್ಯತೆ ಹೆಚ್ಚು.
ಐಪಿಎಲ್ - 2025
ಇಂದಿನ ಪಂದ್ಯಾವಳಿ
ಪಂಜಾಬ್ ಕಿಂಗ್ಸ್ v/s ಮುಂಬೈ ಇಂಡಿಯನ್ಸ್
ಸಮಯ
ಸಂಜೆ: 7.30
